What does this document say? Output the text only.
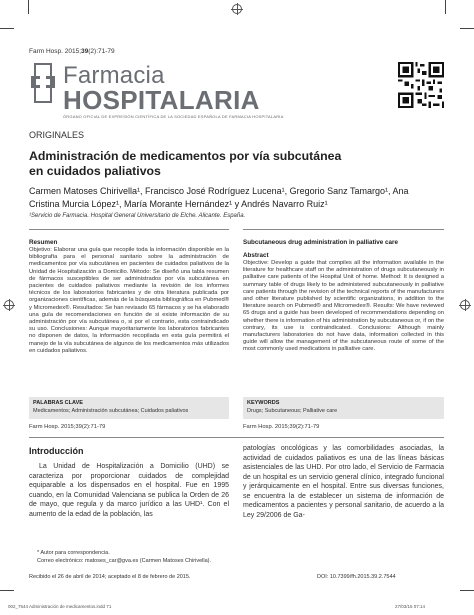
Farm Hosp. 2015;39(2):71-79
Farmacia
HOSPITALARIA
ÓRGANO OFICIAL DE EXPRESIÓN CIENTÍFICA DE LA SOCIEDAD ESPAÑOLA DE FARMACIA HOSPITALARIA
ORIGINALES
Administración de medicamentos por vía subcutánea en cuidados paliativos
Carmen Matoses Chirivella¹, Francisco José Rodríguez Lucena¹, Gregorio Sanz Tamargo¹, Ana Cristina Murcia López¹, María Morante Hernández¹ y Andrés Navarro Ruiz¹
¹Servicio de Farmacia. Hospital General Universitario de Elche. Alicante. España.
Resumen
Objetivo: Elaborar una guía que recopile toda la información disponible en la bibliografía para el personal sanitario sobre la administración de medicamentos por vía subcutánea en pacientes de cuidados paliativos de la Unidad de Hospitalización a Domicilio. Método: Se diseñó una tabla resumen de fármacos susceptibles de ser administrados por vía subcutánea en pacientes de cuidados paliativos mediante la revisión de los informes técnicos de los laboratorios fabricantes y de otra literatura publicada por organizaciones científicas, además de la búsqueda bibliográfica en Pubmed® y Micromedex®. Resultados: Se han revisado 65 fármacos y se ha elaborado una guía de recomendaciones en función de si existe información de su administración por vía subcutánea o, si por el contrario, esta contraindicado su uso. Conclusiones: Aunque mayoritariamente los laboratorios fabricantes no disponen de datos, la información recopilada en esta guía permitirá el manejo de la vía subcutánea de algunos de los medicamentos más utilizados en cuidados paliativos.
PALABRAS CLAVE
Medicamentos; Administración subcutánea; Cuidados paliativos
Farm Hosp. 2015;39(2):71-79
Subcutaneous drug administration in palliative care
Abstract
Objective: Develop a guide that compiles all the information available in the literature for healthcare staff on the administration of drugs subcutaneously in palliative care patients of the Hospital Unit of home. Method: It is designed a summary table of drugs likely to be administered subcutaneously in palliative care patients through the revision of the technical reports of the manufacturers and other literature published by scientific organizations, in addition to the literature search on Pubmed® and Micromedex®. Results: We have reviewed 65 drugs and a guide has been developed of recommendations depending on whether there is information of his administration by subcutaneous or, if on the contrary, its use is contraindicated. Conclusions: Although mainly manufacturers laboratories do not have data, information collected in this guide will allow the management of the subcutaneous route of some of the most commonly used medications in palliative care.
KEYWORDS
Drugs; Subcutaneous; Palliative care
Farm Hosp. 2015;39(2):71-79
Introducción
La Unidad de Hospitalización a Domicilio (UHD) se caracteriza por proporcionar cuidados de complejidad equiparable a los dispensados en el hospital. Fue en 1995 cuando, en la Comunidad Valenciana se publica la Orden de 26 de mayo, que regula y da marco jurídico a las UHD¹. Con el aumento de la edad de la población, las
patologías oncológicas y las comorbilidades asociadas, la actividad de cuidados paliativos es una de las líneas básicas asistenciales de las UHD. Por otro lado, el Servicio de Farmacia de un hospital es un servicio general clínico, integrado funcional y jerárquicamente en el hospital. Entre sus diversas funciones, se encuentra la de establecer un sistema de información de medicamentos a pacientes y personal sanitario, de acuerdo a la Ley 29/2006 de Ga-
* Autor para correspondencia.
Correo electrónico: matoses_car@gva.es (Carmen Matoses Chirivella).
Recibido el 26 de abril de 2014; aceptado el 8 de febrero de 2015.	DOI: 10.7399/fh.2015.39.2.7544
002_7544 Administración de medicamentos.indd 71	27/03/15 07:14
